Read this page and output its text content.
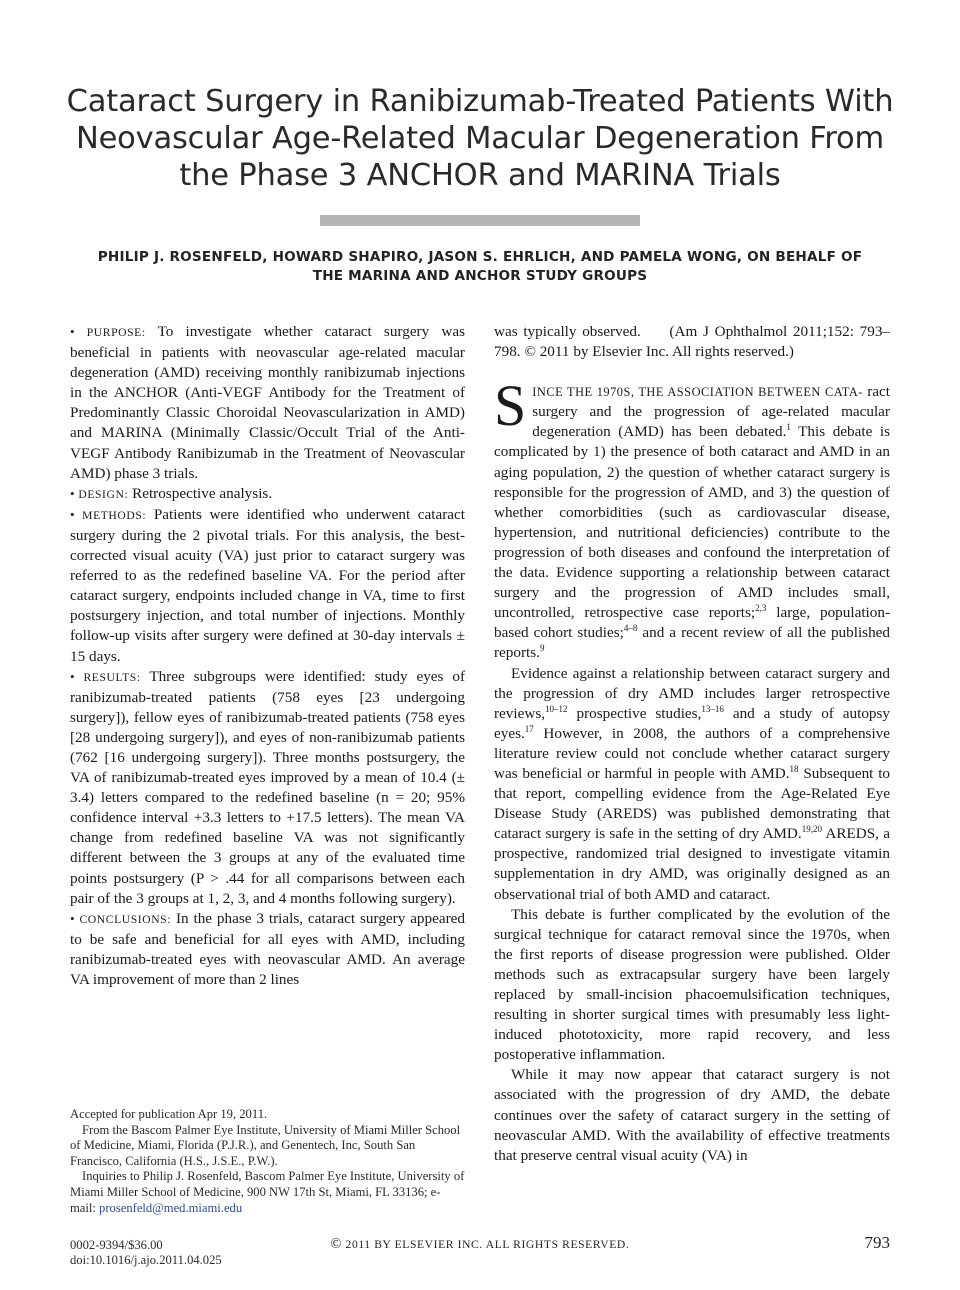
Cataract Surgery in Ranibizumab-Treated Patients With
Neovascular Age-Related Macular Degeneration From
the Phase 3 ANCHOR and MARINA Trials
PHILIP J. ROSENFELD, HOWARD SHAPIRO, JASON S. EHRLICH, AND PAMELA WONG, ON BEHALF OF
THE MARINA AND ANCHOR STUDY GROUPS

• PURPOSE: To investigate whether cataract surgery was beneficial in patients with neovascular age-related macular degeneration (AMD) receiving monthly ranibizumab injections in the ANCHOR (Anti-VEGF Antibody for the Treatment of Predominantly Classic Choroidal Neovascularization in AMD) and MARINA (Minimally Classic/Occult Trial of the Anti-VEGF Antibody Ranibizumab in the Treatment of Neovascular AMD) phase 3 trials.

• DESIGN: Retrospective analysis.

• METHODS: Patients were identified who underwent cataract surgery during the 2 pivotal trials. For this analysis, the best-corrected visual acuity (VA) just prior to cataract surgery was referred to as the redefined baseline VA. For the period after cataract surgery, endpoints included change in VA, time to first postsurgery injection, and total number of injections. Monthly follow-up visits after surgery were defined at 30-day intervals ± 15 days.

• RESULTS: Three subgroups were identified: study eyes of ranibizumab-treated patients (758 eyes [23 undergoing surgery]), fellow eyes of ranibizumab-treated patients (758 eyes [28 undergoing surgery]), and eyes of non-ranibizumab patients (762 [16 undergoing surgery]). Three months postsurgery, the VA of ranibizumab-treated eyes improved by a mean of 10.4 (± 3.4) letters compared to the redefined baseline (n = 20; 95% confidence interval +3.3 letters to +17.5 letters). The mean VA change from redefined baseline VA was not significantly different between the 3 groups at any of the evaluated time points postsurgery (P > .44 for all comparisons between each pair of the 3 groups at 1, 2, 3, and 4 months following surgery).

• CONCLUSIONS: In the phase 3 trials, cataract surgery appeared to be safe and beneficial for all eyes with AMD, including ranibizumab-treated eyes with neovascular AMD. An average VA improvement of more than 2 lines

was typically observed. (Am J Ophthalmol 2011;152: 793–798. © 2011 by Elsevier Inc. All rights reserved.)

S INCE THE 1970S, THE ASSOCIATION BETWEEN CATA- ract surgery and the progression of age-related macular degeneration (AMD) has been debated.$^1$ This debate is complicated by 1) the presence of both cataract and AMD in an aging population, 2) the question of whether cataract surgery is responsible for the progression of AMD, and 3) the question of whether comorbidities (such as cardiovascular disease, hypertension, and nutritional deficiencies) contribute to the progression of both diseases and confound the interpretation of the data. Evidence supporting a relationship between cataract surgery and the progression of AMD includes small, uncontrolled, retrospective case reports;$^{2,3}$ large, population-based cohort studies;$^{4-8}$ and a recent review of all the published reports.$^9$

Evidence against a relationship between cataract surgery and the progression of dry AMD includes larger retrospective reviews,$^{10-12}$ prospective studies,$^{13-16}$ and a study of autopsy eyes.$^{17}$ However, in 2008, the authors of a comprehensive literature review could not conclude whether cataract surgery was beneficial or harmful in people with AMD.$^{18}$ Subsequent to that report, compelling evidence from the Age-Related Eye Disease Study (AREDS) was published demonstrating that cataract surgery is safe in the setting of dry AMD.$^{19,20}$ AREDS, a prospective, randomized trial designed to investigate vitamin supplementation in dry AMD, was originally designed as an observational trial of both AMD and cataract.

This debate is further complicated by the evolution of the surgical technique for cataract removal since the 1970s, when the first reports of disease progression were published. Older methods such as extracapsular surgery have been largely replaced by small-incision phacoemulsification techniques, resulting in shorter surgical times with presumably less light-induced phototoxicity, more rapid recovery, and less postoperative inflammation.

While it may now appear that cataract surgery is not associated with the progression of dry AMD, the debate continues over the safety of cataract surgery in the setting of neovascular AMD. With the availability of effective treatments that preserve central visual acuity (VA) in

Accepted for publication Apr 19, 2011.

From the Bascom Palmer Eye Institute, University of Miami Miller School of Medicine, Miami, Florida (P.J.R.), and Genentech, Inc, South San Francisco, California (H.S., J.S.E., P.W.).

Inquiries to Philip J. Rosenfeld, Bascom Palmer Eye Institute, University of Miami Miller School of Medicine, 900 NW 17th St, Miami, FL 33136; e-mail: prosenfeld@med.miami.edu

0002-9394/$36.00
doi:10.1016/j.ajo.2011.04.025
© 2011 BY ELSEVIER INC. ALL RIGHTS RESERVED.	793
